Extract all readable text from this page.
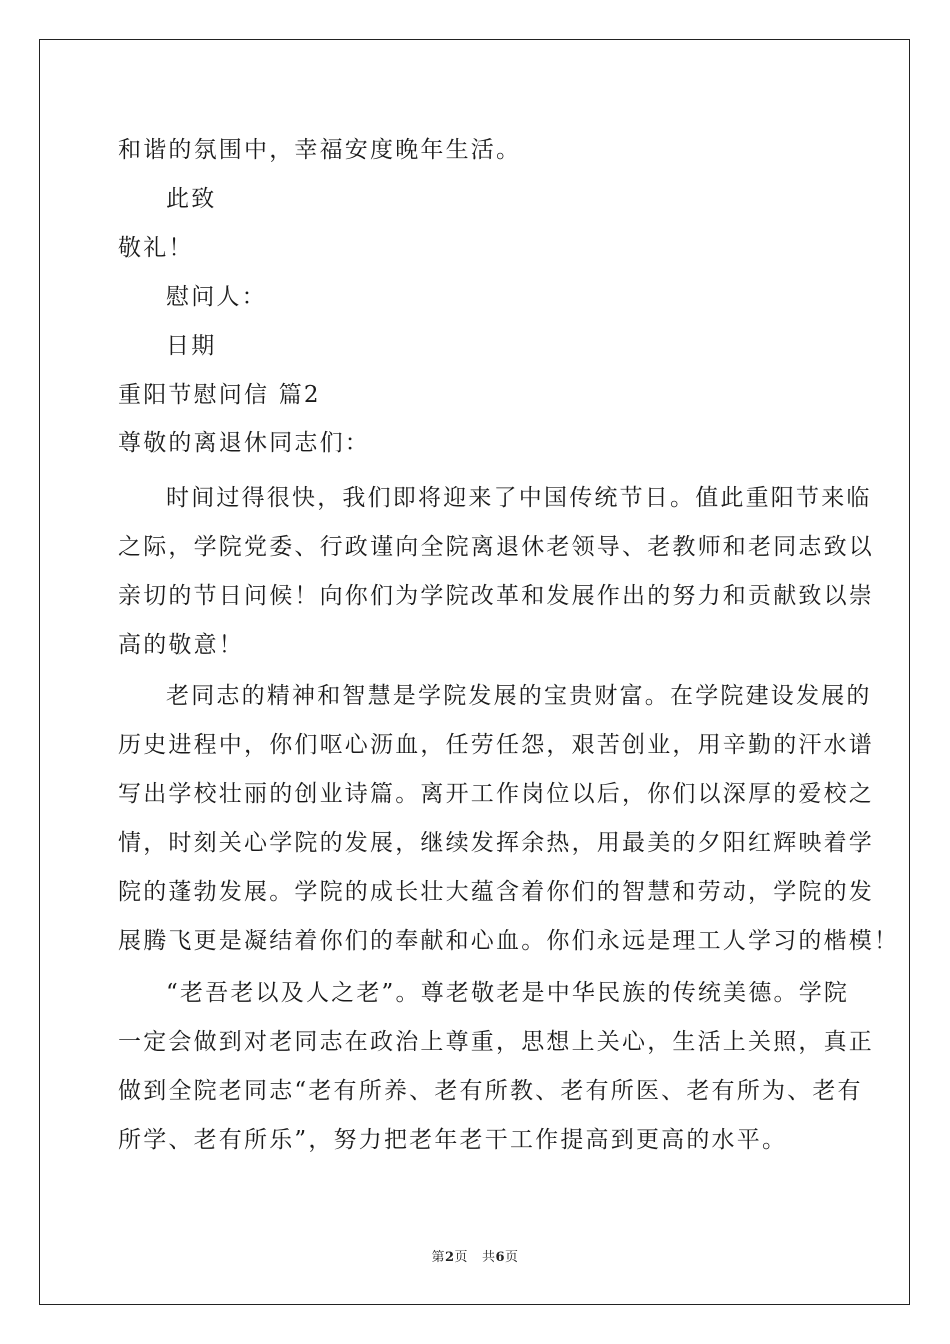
和谐的氛围中，幸福安度晚年生活。
此致
敬礼！
慰问人：
日期
重阳节慰问信 篇2
尊敬的离退休同志们：
时间过得很快，我们即将迎来了中国传统节日。值此重阳节来临
之际，学院党委、行政谨向全院离退休老领导、老教师和老同志致以
亲切的节日问候！向你们为学院改革和发展作出的努力和贡献致以崇
高的敬意！
老同志的精神和智慧是学院发展的宝贵财富。在学院建设发展的
历史进程中，你们呕心沥血，任劳任怨，艰苦创业，用辛勤的汗水谱
写出学校壮丽的创业诗篇。离开工作岗位以后，你们以深厚的爱校之
情，时刻关心学院的发展，继续发挥余热，用最美的夕阳红辉映着学
院的蓬勃发展。学院的成长壮大蕴含着你们的智慧和劳动，学院的发
展腾飞更是凝结着你们的奉献和心血。你们永远是理工人学习的楷模！
“老吾老以及人之老”。尊老敬老是中华民族的传统美德。学院
一定会做到对老同志在政治上尊重，思想上关心，生活上关照，真正
做到全院老同志“老有所养、老有所教、老有所医、老有所为、老有
所学、老有所乐”，努力把老年老干工作提高到更高的水平。
第2页 共6页
